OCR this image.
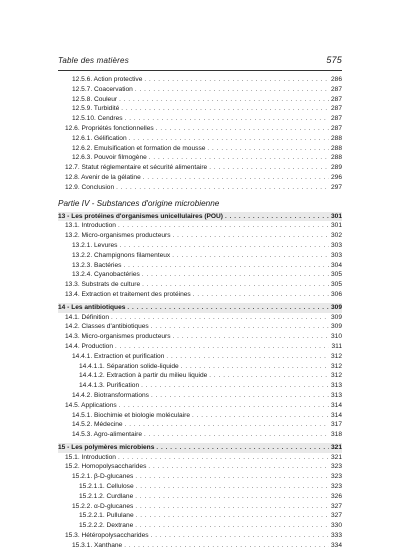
Table des matières	575
12.5.6. Action protective . . .	286
12.5.7. Coacervation . . .	287
12.5.8. Couleur . . .	287
12.5.9. Turbidité . . .	287
12.5.10. Cendres . . .	287
12.6. Propriétés fonctionnelles . . .	287
12.6.1. Gélification . . .	288
12.6.2. Emulsification et formation de mousse . . .	288
12.6.3. Pouvoir filmogène . . .	288
12.7. Statut réglementaire et sécurité alimentaire . . .	289
12.8. Avenir de la gélatine . . .	296
12.9. Conclusion . . .	297
Partie IV - Substances d'origine microbienne
13 - Les protéines d'organismes unicellulaires (POU) . . .	301
13.1. Introduction . . .	301
13.2. Micro-organismes producteurs . . .	302
13.2.1. Levures . . .	303
13.2.2. Champignons filamenteux . . .	303
13.2.3. Bactéries . . .	304
13.2.4. Cyanobactéries . . .	305
13.3. Substrats de culture . . .	305
13.4. Extraction et traitement des protéines . . .	306
14 - Les antibiotiques . . .	309
14.1. Définition . . .	309
14.2. Classes d'antibiotiques . . .	309
14.3. Micro-organismes producteurs . . .	310
14.4. Production . . .	311
14.4.1. Extraction et purification . . .	312
14.4.1.1. Séparation solide-liquide . . .	312
14.4.1.2. Extraction à partir du milieu liquide . . .	312
14.4.1.3. Purification . . .	313
14.4.2. Biotransformations . . .	313
14.5. Applications . . .	314
14.5.1. Biochimie et biologie moléculaire . . .	314
14.5.2. Médecine . . .	317
14.5.3. Agro-alimentaire . . .	318
15 - Les polymères microbiens . . .	321
15.1. Introduction . . .	321
15.2. Homopolysaccharides . . .	323
15.2.1. β-D-glucanes . . .	323
15.2.1.1. Cellulose . . .	323
15.2.1.2. Curdlane . . .	326
15.2.2. α-D-glucanes . . .	327
15.2.2.1. Pullulane . . .	327
15.2.2.2. Dextrane . . .	330
15.3. Hétéropolysaccharides . . .	333
15.3.1. Xanthane . . .	334
